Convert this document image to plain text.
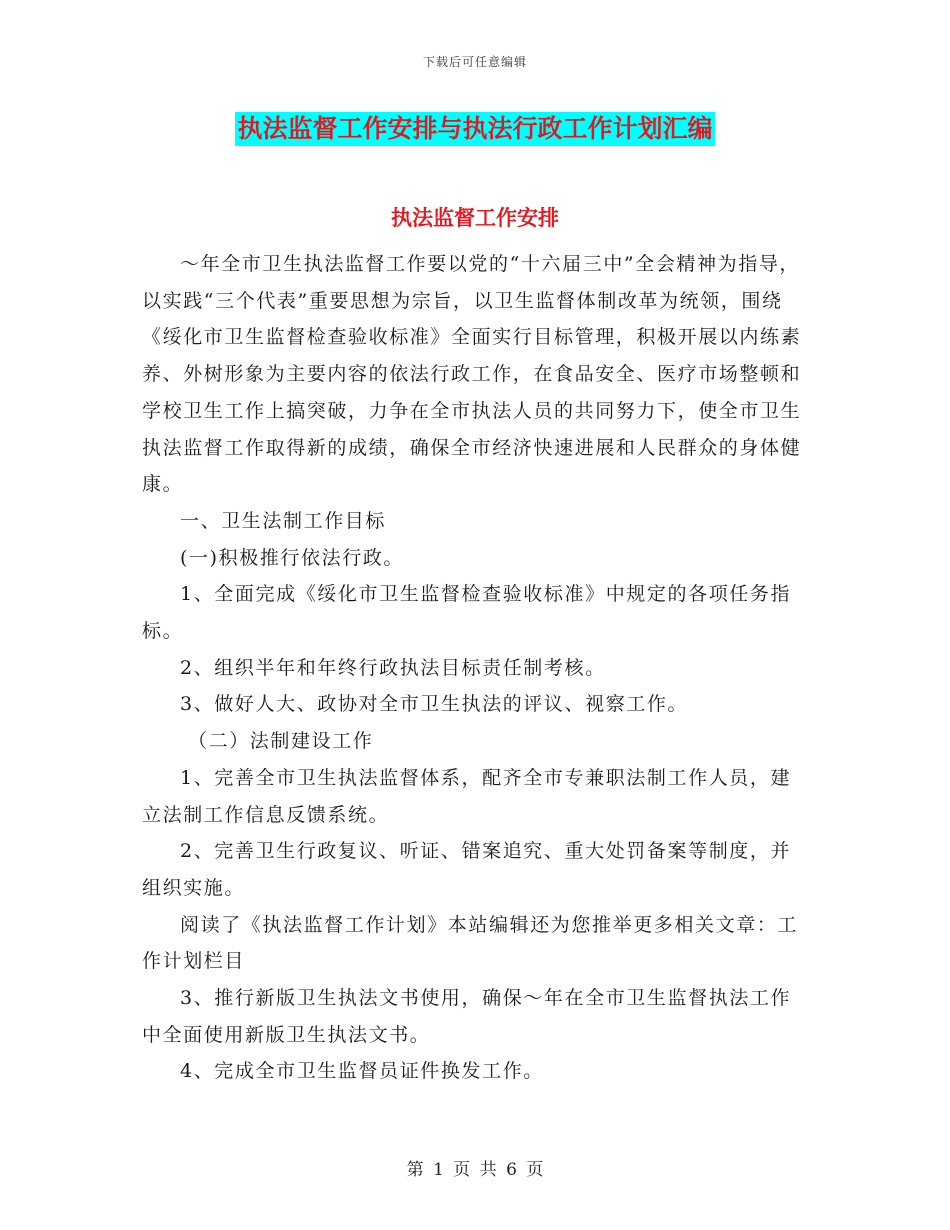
下载后可任意编辑
执法监督工作安排与执法行政工作计划汇编
执法监督工作安排

～年全市卫生执法监督工作要以党的“十六届三中”全会精神为指导，以实践“三个代表”重要思想为宗旨，以卫生监督体制改革为统领，围绕《绥化市卫生监督检查验收标准》全面实行目标管理，积极开展以内练素养、外树形象为主要内容的依法行政工作，在食品安全、医疗市场整顿和学校卫生工作上搞突破，力争在全市执法人员的共同努力下，使全市卫生执法监督工作取得新的成绩，确保全市经济快速进展和人民群众的身体健康。

一、卫生法制工作目标

(一)积极推行依法行政。

1、全面完成《绥化市卫生监督检查验收标准》中规定的各项任务指标。

2、组织半年和年终行政执法目标责任制考核。

3、做好人大、政协对全市卫生执法的评议、视察工作。

（二）法制建设工作

1、完善全市卫生执法监督体系，配齐全市专兼职法制工作人员，建立法制工作信息反馈系统。

2、完善卫生行政复议、听证、错案追究、重大处罚备案等制度，并组织实施。

阅读了《执法监督工作计划》本站编辑还为您推举更多相关文章：工作计划栏目

3、推行新版卫生执法文书使用，确保～年在全市卫生监督执法工作中全面使用新版卫生执法文书。

4、完成全市卫生监督员证件换发工作。

第 1 页 共 6 页
